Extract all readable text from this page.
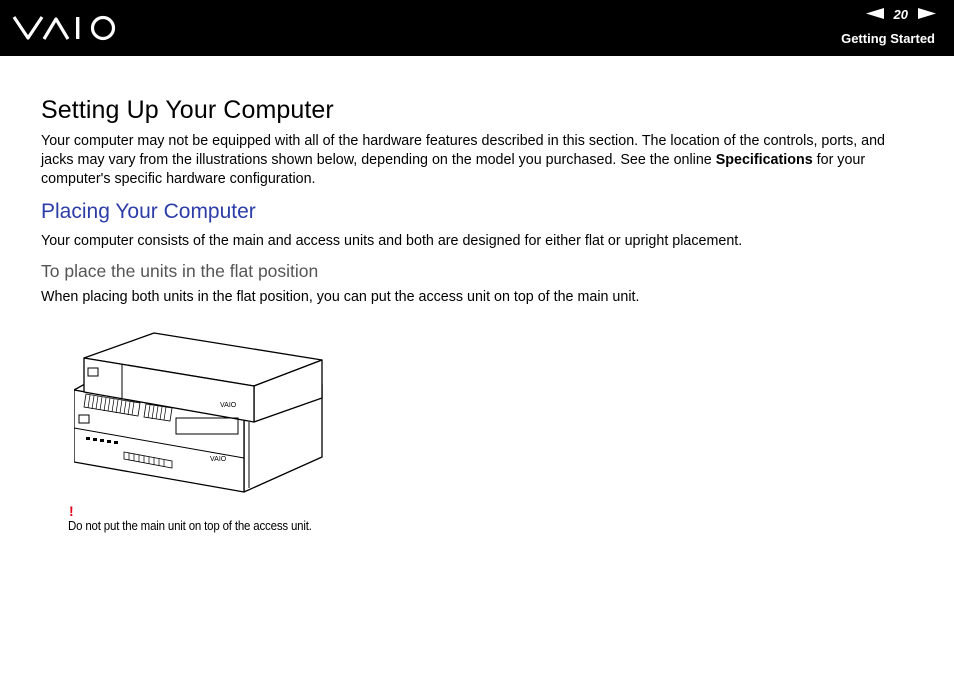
20
Getting Started
Setting Up Your Computer

Your computer may not be equipped with all of the hardware features described in this section. The location of the controls, ports, and jacks may vary from the illustrations shown below, depending on the model you purchased. See the online Specifications for your computer's specific hardware configuration.

Placing Your Computer

Your computer consists of the main and access units and both are designed for either flat or upright placement.

To place the units in the flat position

When placing both units in the flat position, you can put the access unit on top of the main unit.

VAIO
VAIO
!
Do not put the main unit on top of the access unit.
